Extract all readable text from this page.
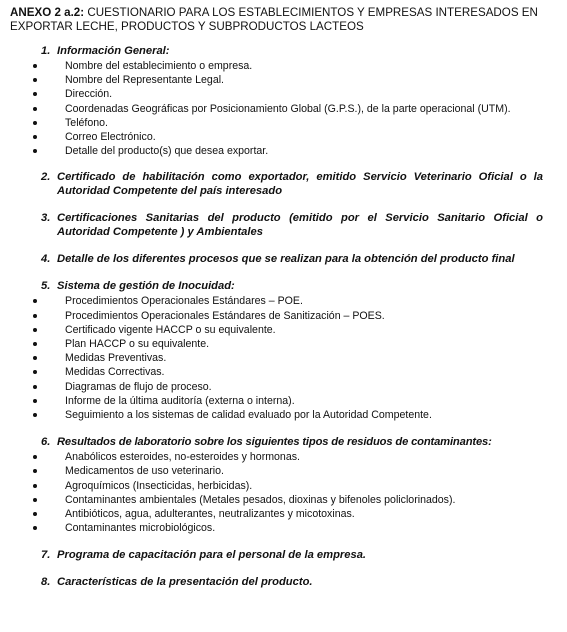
ANEXO 2 a.2: CUESTIONARIO PARA LOS ESTABLECIMIENTOS Y EMPRESAS INTERESADOS EN EXPORTAR LECHE, PRODUCTOS Y SUBPRODUCTOS LACTEOS
1. Información General:
Nombre del establecimiento o empresa.
Nombre del Representante Legal.
Dirección.
Coordenadas Geográficas por Posicionamiento Global (G.P.S.), de la parte operacional (UTM).
Teléfono.
Correo Electrónico.
Detalle del producto(s) que desea exportar.
2. Certificado de habilitación como exportador, emitido Servicio Veterinario Oficial o la Autoridad Competente del país interesado
3. Certificaciones Sanitarias del producto (emitido por el Servicio Sanitario Oficial o Autoridad Competente ) y Ambientales
4. Detalle de los diferentes procesos que se realizan para la obtención del producto final
5. Sistema de gestión de Inocuidad:
Procedimientos Operacionales Estándares – POE.
Procedimientos Operacionales Estándares de Sanitización – POES.
Certificado vigente HACCP o su equivalente.
Plan HACCP o su equivalente.
Medidas Preventivas.
Medidas Correctivas.
Diagramas de flujo de proceso.
Informe de la última auditoría (externa o interna).
Seguimiento a los sistemas de calidad evaluado por la Autoridad Competente.
6. Resultados de laboratorio sobre los siguientes tipos de residuos de contaminantes:
Anabólicos esteroides, no-esteroides y hormonas.
Medicamentos de uso veterinario.
Agroquímicos (Insecticidas, herbicidas).
Contaminantes ambientales (Metales pesados, dioxinas y bifenoles policlorinados).
Antibióticos, agua, adulterantes, neutralizantes y micotoxinas.
Contaminantes microbiológicos.
7. Programa de capacitación para el personal de la empresa.
8. Características de la presentación del producto.
